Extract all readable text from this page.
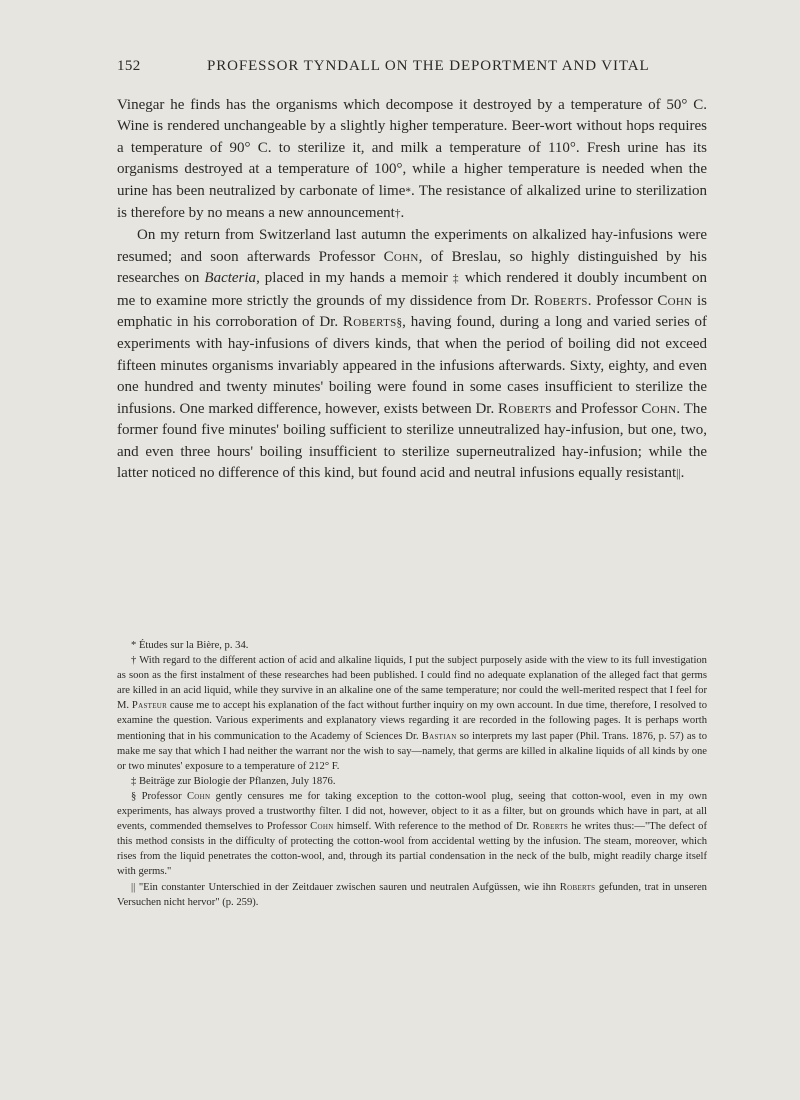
152	PROFESSOR TYNDALL ON THE DEPORTMENT AND VITAL

Vinegar he finds has the organisms which decompose it destroyed by a temperature of 50° C. Wine is rendered unchangeable by a slightly higher temperature. Beer-wort without hops requires a temperature of 90° C. to sterilize it, and milk a temperature of 110°. Fresh urine has its organisms destroyed at a temperature of 100°, while a higher temperature is needed when the urine has been neutralized by carbonate of lime*. The resistance of alkalized urine to sterilization is therefore by no means a new announcement†.

On my return from Switzerland last autumn the experiments on alkalized hay-infusions were resumed; and soon afterwards Professor Cohn, of Breslau, so highly distinguished by his researches on Bacteria, placed in my hands a memoir ‡ which rendered it doubly incumbent on me to examine more strictly the grounds of my dissidence from Dr. Roberts. Professor Cohn is emphatic in his corroboration of Dr. Roberts§, having found, during a long and varied series of experiments with hay-infusions of divers kinds, that when the period of boiling did not exceed fifteen minutes organisms invariably appeared in the infusions afterwards. Sixty, eighty, and even one hundred and twenty minutes' boiling were found in some cases insufficient to sterilize the infusions. One marked difference, however, exists between Dr. Roberts and Professor Cohn. The former found five minutes' boiling sufficient to sterilize unneutralized hay-infusion, but one, two, and even three hours' boiling insufficient to sterilize superneutralized hay-infusion; while the latter noticed no difference of this kind, but found acid and neutral infusions equally resistant||.

* Études sur la Bière, p. 34.

† With regard to the different action of acid and alkaline liquids, I put the subject purposely aside with the view to its full investigation as soon as the first instalment of these researches had been published. I could find no adequate explanation of the alleged fact that germs are killed in an acid liquid, while they survive in an alkaline one of the same temperature; nor could the well-merited respect that I feel for M. Pasteur cause me to accept his explanation of the fact without further inquiry on my own account. In due time, therefore, I resolved to examine the question. Various experiments and explanatory views regarding it are recorded in the following pages. It is perhaps worth mentioning that in his communication to the Academy of Sciences Dr. Bastian so interprets my last paper (Phil. Trans. 1876, p. 57) as to make me say that which I had neither the warrant nor the wish to say—namely, that germs are killed in alkaline liquids of all kinds by one or two minutes' exposure to a temperature of 212° F.

‡ Beiträge zur Biologie der Pflanzen, July 1876.

§ Professor Cohn gently censures me for taking exception to the cotton-wool plug, seeing that cotton-wool, even in my own experiments, has always proved a trustworthy filter. I did not, however, object to it as a filter, but on grounds which have in part, at all events, commended themselves to Professor Cohn himself. With reference to the method of Dr. Roberts he writes thus:—"The defect of this method consists in the difficulty of protecting the cotton-wool from accidental wetting by the infusion. The steam, moreover, which rises from the liquid penetrates the cotton-wool, and, through its partial condensation in the neck of the bulb, might readily charge itself with germs."

|| "Ein constanter Unterschied in der Zeitdauer zwischen sauren und neutralen Aufgüssen, wie ihn Roberts gefunden, trat in unseren Versuchen nicht hervor" (p. 259).
